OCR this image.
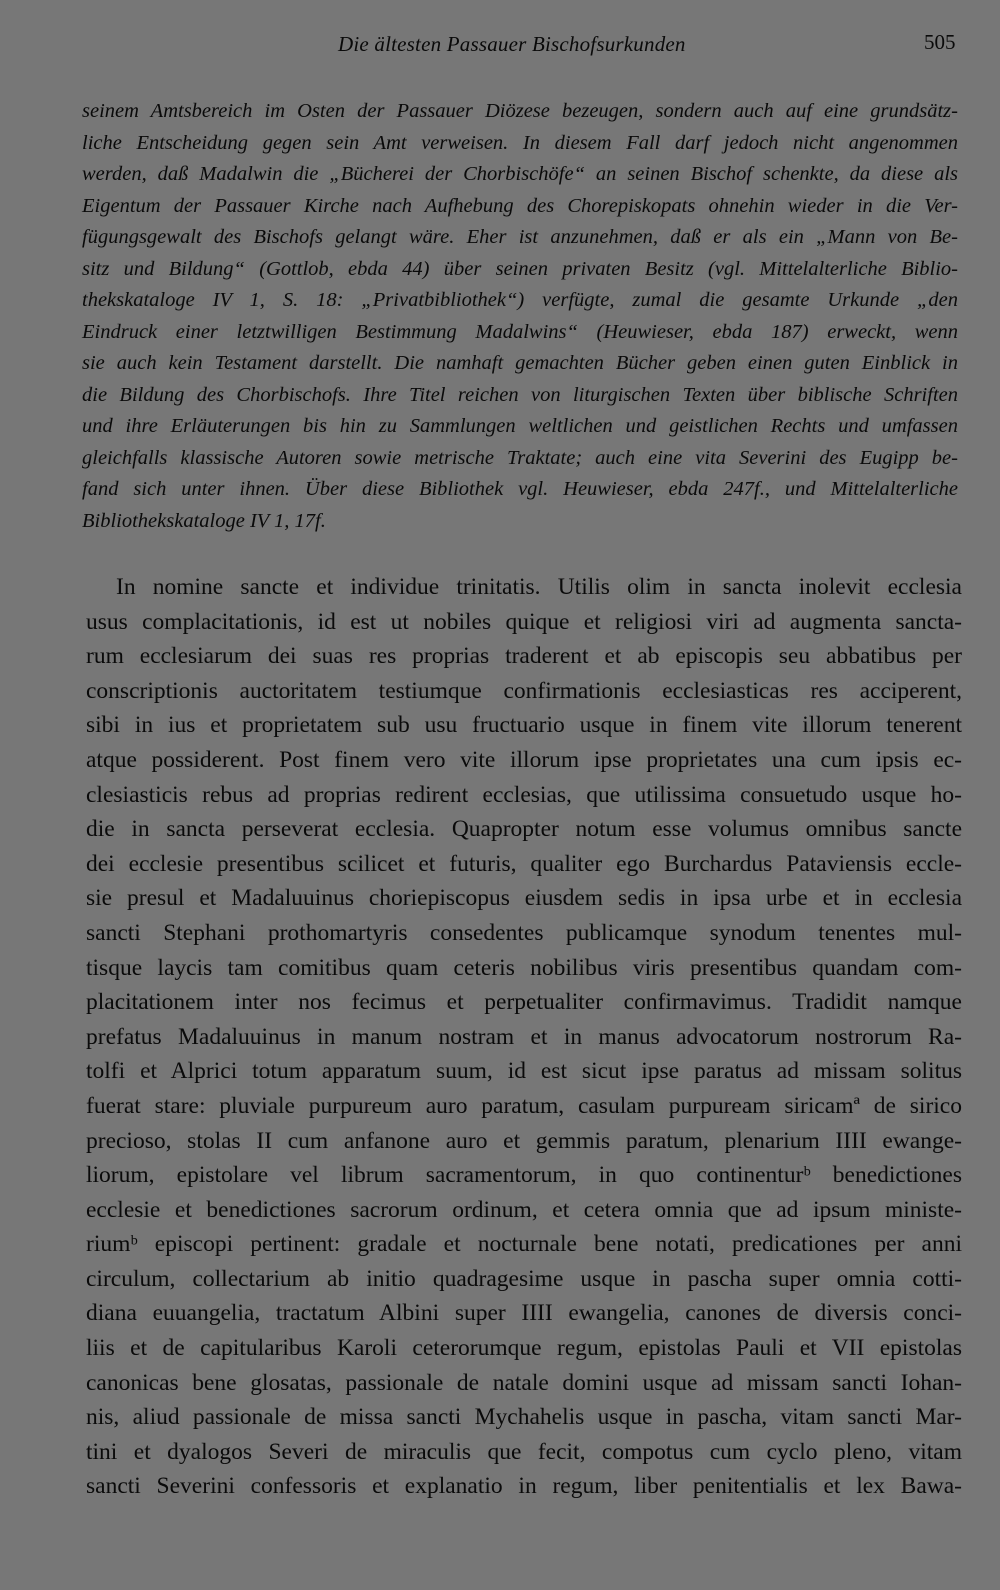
Die ältesten Passauer Bischofsurkunden	505
seinem Amtsbereich im Osten der Passauer Diözese bezeugen, sondern auch auf eine grundsätz-
liche Entscheidung gegen sein Amt verweisen. In diesem Fall darf jedoch nicht angenommen
werden, daß Madalwin die „Bücherei der Chorbischöfe“ an seinen Bischof schenkte, da diese als
Eigentum der Passauer Kirche nach Aufhebung des Chorepiskopats ohnehin wieder in die Ver-
fügungsgewalt des Bischofs gelangt wäre. Eher ist anzunehmen, daß er als ein „Mann von Be-
sitz und Bildung“ (Gottlob, ebda 44) über seinen privaten Besitz (vgl. Mittelalterliche Biblio-
thekskataloge IV 1, S. 18: „Privatbibliothek“) verfügte, zumal die gesamte Urkunde „den
Eindruck einer letztwilligen Bestimmung Madalwins“ (Heuwieser, ebda 187) erweckt, wenn
sie auch kein Testament darstellt. Die namhaft gemachten Bücher geben einen guten Einblick in
die Bildung des Chorbischofs. Ihre Titel reichen von liturgischen Texten über biblische Schriften
und ihre Erläuterungen bis hin zu Sammlungen weltlichen und geistlichen Rechts und umfassen
gleichfalls klassische Autoren sowie metrische Traktate; auch eine vita Severini des Eugipp be-
fand sich unter ihnen. Über diese Bibliothek vgl. Heuwieser, ebda 247f., und Mittelalterliche
Bibliothekskataloge IV 1, 17f.
In nomine sancte et individue trinitatis. Utilis olim in sancta inolevit ecclesia
usus complacitationis, id est ut nobiles quique et religiosi viri ad augmenta sancta-
rum ecclesiarum dei suas res proprias traderent et ab episcopis seu abbatibus per
conscriptionis auctoritatem testiumque confirmationis ecclesiasticas res acciperent,
sibi in ius et proprietatem sub usu fructuario usque in finem vite illorum tenerent
atque possiderent. Post finem vero vite illorum ipse proprietates una cum ipsis ec-
clesiasticis rebus ad proprias redirent ecclesias, que utilissima consuetudo usque ho-
die in sancta perseverat ecclesia. Quapropter notum esse volumus omnibus sancte
dei ecclesie presentibus scilicet et futuris, qualiter ego Burchardus Pataviensis eccle-
sie presul et Madaluuinus choriepiscopus eiusdem sedis in ipsa urbe et in ecclesia
sancti Stephani prothomartyris consedentes publicamque synodum tenentes mul-
tisque laycis tam comitibus quam ceteris nobilibus viris presentibus quandam com-
placitationem inter nos fecimus et perpetualiter confirmavimus. Tradidit namque
prefatus Madaluuinus in manum nostram et in manus advocatorum nostrorum Ra-
tolfi et Alprici totum apparatum suum, id est sicut ipse paratus ad missam solitus
fuerat stare: pluviale purpureum auro paratum, casulam purpuream siricamª de sirico
precioso, stolas II cum anfanone auro et gemmis paratum, plenarium IIII ewange-
liorum, epistolare vel librum sacramentorum, in quo continenturᵇ benedictiones
ecclesie et benedictiones sacrorum ordinum, et cetera omnia que ad ipsum ministe-
riumᵇ episcopi pertinent: gradale et nocturnale bene notati, predicationes per anni
circulum, collectarium ab initio quadragesime usque in pascha super omnia cotti-
diana euuangelia, tractatum Albini super IIII ewangelia, canones de diversis conci-
liis et de capitularibus Karoli ceterorumque regum, epistolas Pauli et VII epistolas
canonicas bene glosatas, passionale de natale domini usque ad missam sancti Iohan-
nis, aliud passionale de missa sancti Mychahelis usque in pascha, vitam sancti Mar-
tini et dyalogos Severi de miraculis que fecit, compotus cum cyclo pleno, vitam
sancti Severini confessoris et explanatio in regum, liber penitentialis et lex Bawa-
